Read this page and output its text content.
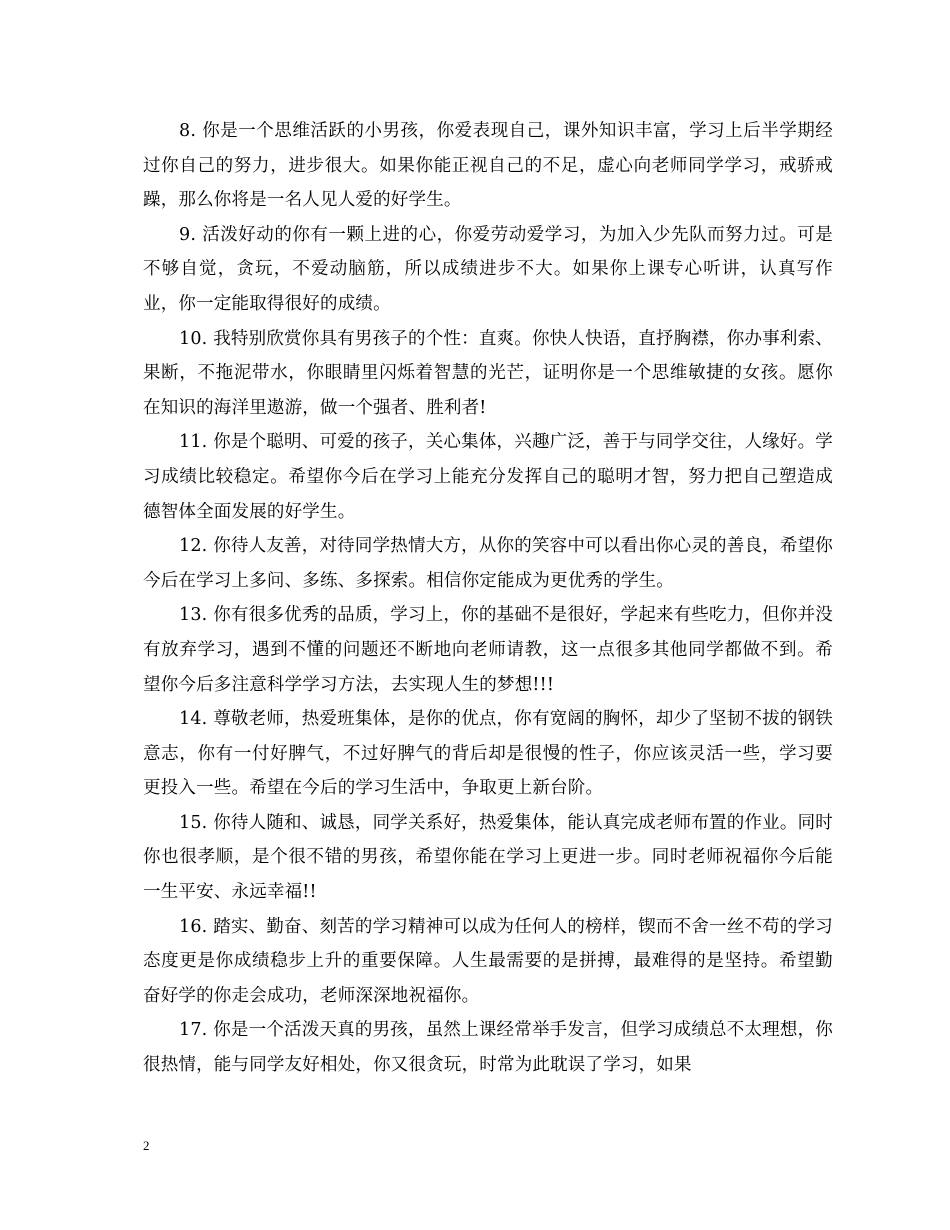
8. 你是一个思维活跃的小男孩，你爱表现自己，课外知识丰富，学习上后半学期经过你自己的努力，进步很大。如果你能正视自己的不足，虚心向老师同学学习，戒骄戒躁，那么你将是一名人见人爱的好学生。

9. 活泼好动的你有一颗上进的心，你爱劳动爱学习，为加入少先队而努力过。可是不够自觉，贪玩，不爱动脑筋，所以成绩进步不大。如果你上课专心听讲，认真写作业，你一定能取得很好的成绩。

10. 我特别欣赏你具有男孩子的个性：直爽。你快人快语，直抒胸襟，你办事利索、果断，不拖泥带水，你眼睛里闪烁着智慧的光芒，证明你是一个思维敏捷的女孩。愿你在知识的海洋里遨游，做一个强者、胜利者!

11. 你是个聪明、可爱的孩子，关心集体，兴趣广泛，善于与同学交往，人缘好。学习成绩比较稳定。希望你今后在学习上能充分发挥自己的聪明才智，努力把自己塑造成德智体全面发展的好学生。

12. 你待人友善，对待同学热情大方，从你的笑容中可以看出你心灵的善良，希望你今后在学习上多问、多练、多探索。相信你定能成为更优秀的学生。

13. 你有很多优秀的品质，学习上，你的基础不是很好，学起来有些吃力，但你并没有放弃学习，遇到不懂的问题还不断地向老师请教，这一点很多其他同学都做不到。希望你今后多注意科学学习方法，去实现人生的梦想!!!

14. 尊敬老师，热爱班集体，是你的优点，你有宽阔的胸怀，却少了坚韧不拔的钢铁意志，你有一付好脾气，不过好脾气的背后却是很慢的性子，你应该灵活一些，学习要更投入一些。希望在今后的学习生活中，争取更上新台阶。

15. 你待人随和、诚恳，同学关系好，热爱集体，能认真完成老师布置的作业。同时你也很孝顺，是个很不错的男孩，希望你能在学习上更进一步。同时老师祝福你今后能一生平安、永远幸福!!

16. 踏实、勤奋、刻苦的学习精神可以成为任何人的榜样，锲而不舍一丝不苟的学习态度更是你成绩稳步上升的重要保障。人生最需要的是拼搏，最难得的是坚持。希望勤奋好学的你走会成功，老师深深地祝福你。

17. 你是一个活泼天真的男孩，虽然上课经常举手发言，但学习成绩总不太理想，你很热情，能与同学友好相处，你又很贪玩，时常为此耽误了学习，如果

2
